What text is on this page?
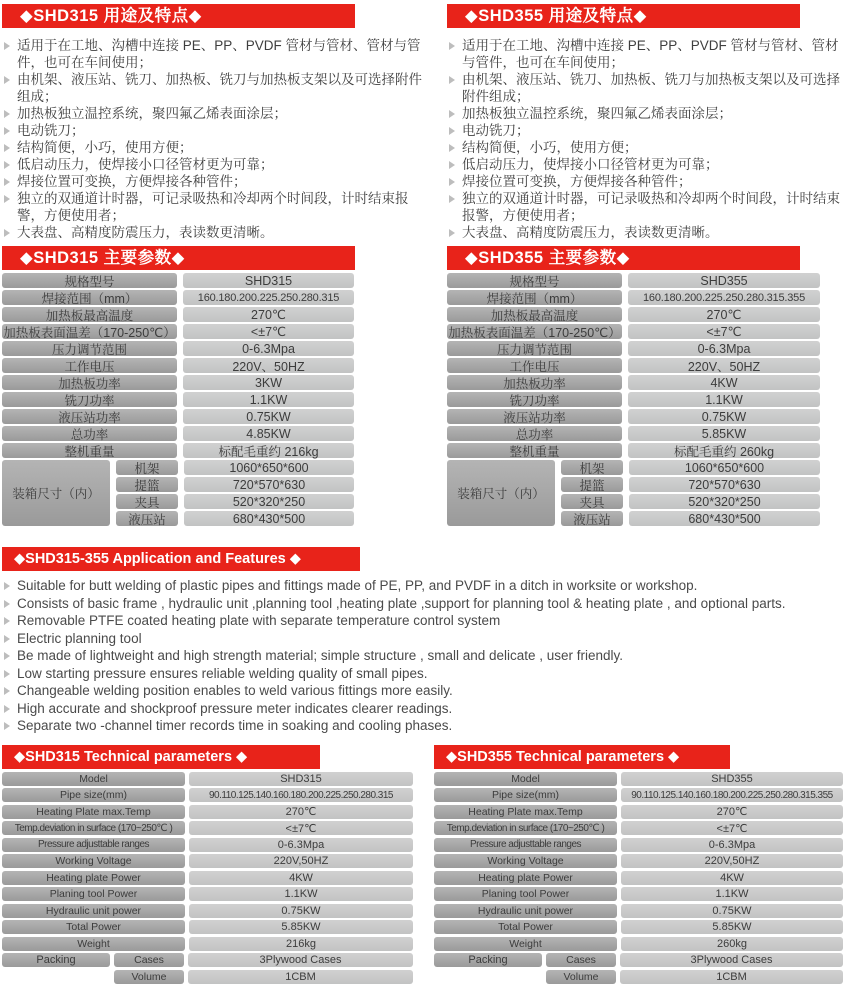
◆SHD315 用途及特点◆
适用于在工地、沟槽中连接 PE、PP、PVDF 管材与管材、管材与管件，也可在车间使用；
由机架、液压站、铣刀、加热板、铣刀与加热板支架以及可选择附件组成；
加热板独立温控系统，聚四氟乙烯表面涂层；
电动铣刀；
结构简便，小巧，使用方便；
低启动压力，使焊接小口径管材更为可靠；
焊接位置可变换，方便焊接各种管件；
独立的双通道计时器，可记录吸热和冷却两个时间段，计时结束报警，方便使用者；
大表盘、高精度防震压力，表读数更清晰。
◆SHD355 用途及特点◆
适用于在工地、沟槽中连接 PE、PP、PVDF 管材与管材、管材与管件，也可在车间使用；
由机架、液压站、铣刀、加热板、铣刀与加热板支架以及可选择附件组成；
加热板独立温控系统，聚四氟乙烯表面涂层；
电动铣刀；
结构简便，小巧，使用方便；
低启动压力，使焊接小口径管材更为可靠；
焊接位置可变换，方便焊接各种管件；
独立的双通道计时器，可记录吸热和冷却两个时间段，计时结束报警，方便使用者；
大表盘、高精度防震压力，表读数更清晰。
◆SHD315 主要参数◆
规格型号	SHD315
焊接范围（mm）	160.180.200.225.250.280.315
加热板最高温度	270℃
加热板表面温差（170-250℃）	<±7℃
压力调节范围	0-6.3Mpa
工作电压	220V、50HZ
加热板功率	3KW
铣刀功率	1.1KW
液压站功率	0.75KW
总功率	4.85KW
整机重量	标配毛重约 216kg
装箱尺寸（内）
机架	1060*650*600
提篮	720*570*630
夹具	520*320*250
液压站	680*430*500
◆SHD355 主要参数◆
规格型号	SHD355
焊接范围（mm）	160.180.200.225.250.280.315.355
加热板最高温度	270℃
加热板表面温差（170-250℃）	<±7℃
压力调节范围	0-6.3Mpa
工作电压	220V、50HZ
加热板功率	4KW
铣刀功率	1.1KW
液压站功率	0.75KW
总功率	5.85KW
整机重量	标配毛重约 260kg
装箱尺寸（内）
机架	1060*650*600
提篮	720*570*630
夹具	520*320*250
液压站	680*430*500
◆SHD315-355 Application and Features ◆
Suitable for butt welding of plastic pipes and fittings made of PE, PP, and PVDF in a ditch in worksite or workshop.
Consists of basic frame , hydraulic unit ,planning tool ,heating plate ,support for planning tool & heating plate , and optional parts.
Removable PTFE coated heating plate with separate temperature control system
Electric planning tool
Be made of lightweight and high strength material; simple structure , small and delicate , user friendly.
Low starting pressure ensures reliable welding quality of small pipes.
Changeable welding position enables to weld various fittings more easily.
High accurate and shockproof pressure meter indicates clearer readings.
Separate two -channel timer records time in soaking and cooling phases.
◆SHD315 Technical parameters ◆
Model	SHD315
Pipe size(mm)	90.110.125.140.160.180.200.225.250.280.315
Heating Plate max.Temp	270℃
Temp.deviation in surface (170~250℃ )	<±7℃
Pressure adjusttable ranges	0-6.3Mpa
Working Voltage	220V,50HZ
Heating plate Power	4KW
Planing tool Power	1.1KW
Hydraulic unit power	0.75KW
Total Power	5.85KW
Weight	216kg
Packing	Cases	3Plywood Cases
Volume	1CBM
◆SHD355 Technical parameters ◆
Model	SHD355
Pipe size(mm)	90.110.125.140.160.180.200.225.250.280.315.355
Heating Plate max.Temp	270℃
Temp.deviation in surface (170~250℃ )	<±7℃
Pressure adjusttable ranges	0-6.3Mpa
Working Voltage	220V,50HZ
Heating plate Power	4KW
Planing tool Power	1.1KW
Hydraulic unit power	0.75KW
Total Power	5.85KW
Weight	260kg
Packing	Cases	3Plywood Cases
Volume	1CBM
